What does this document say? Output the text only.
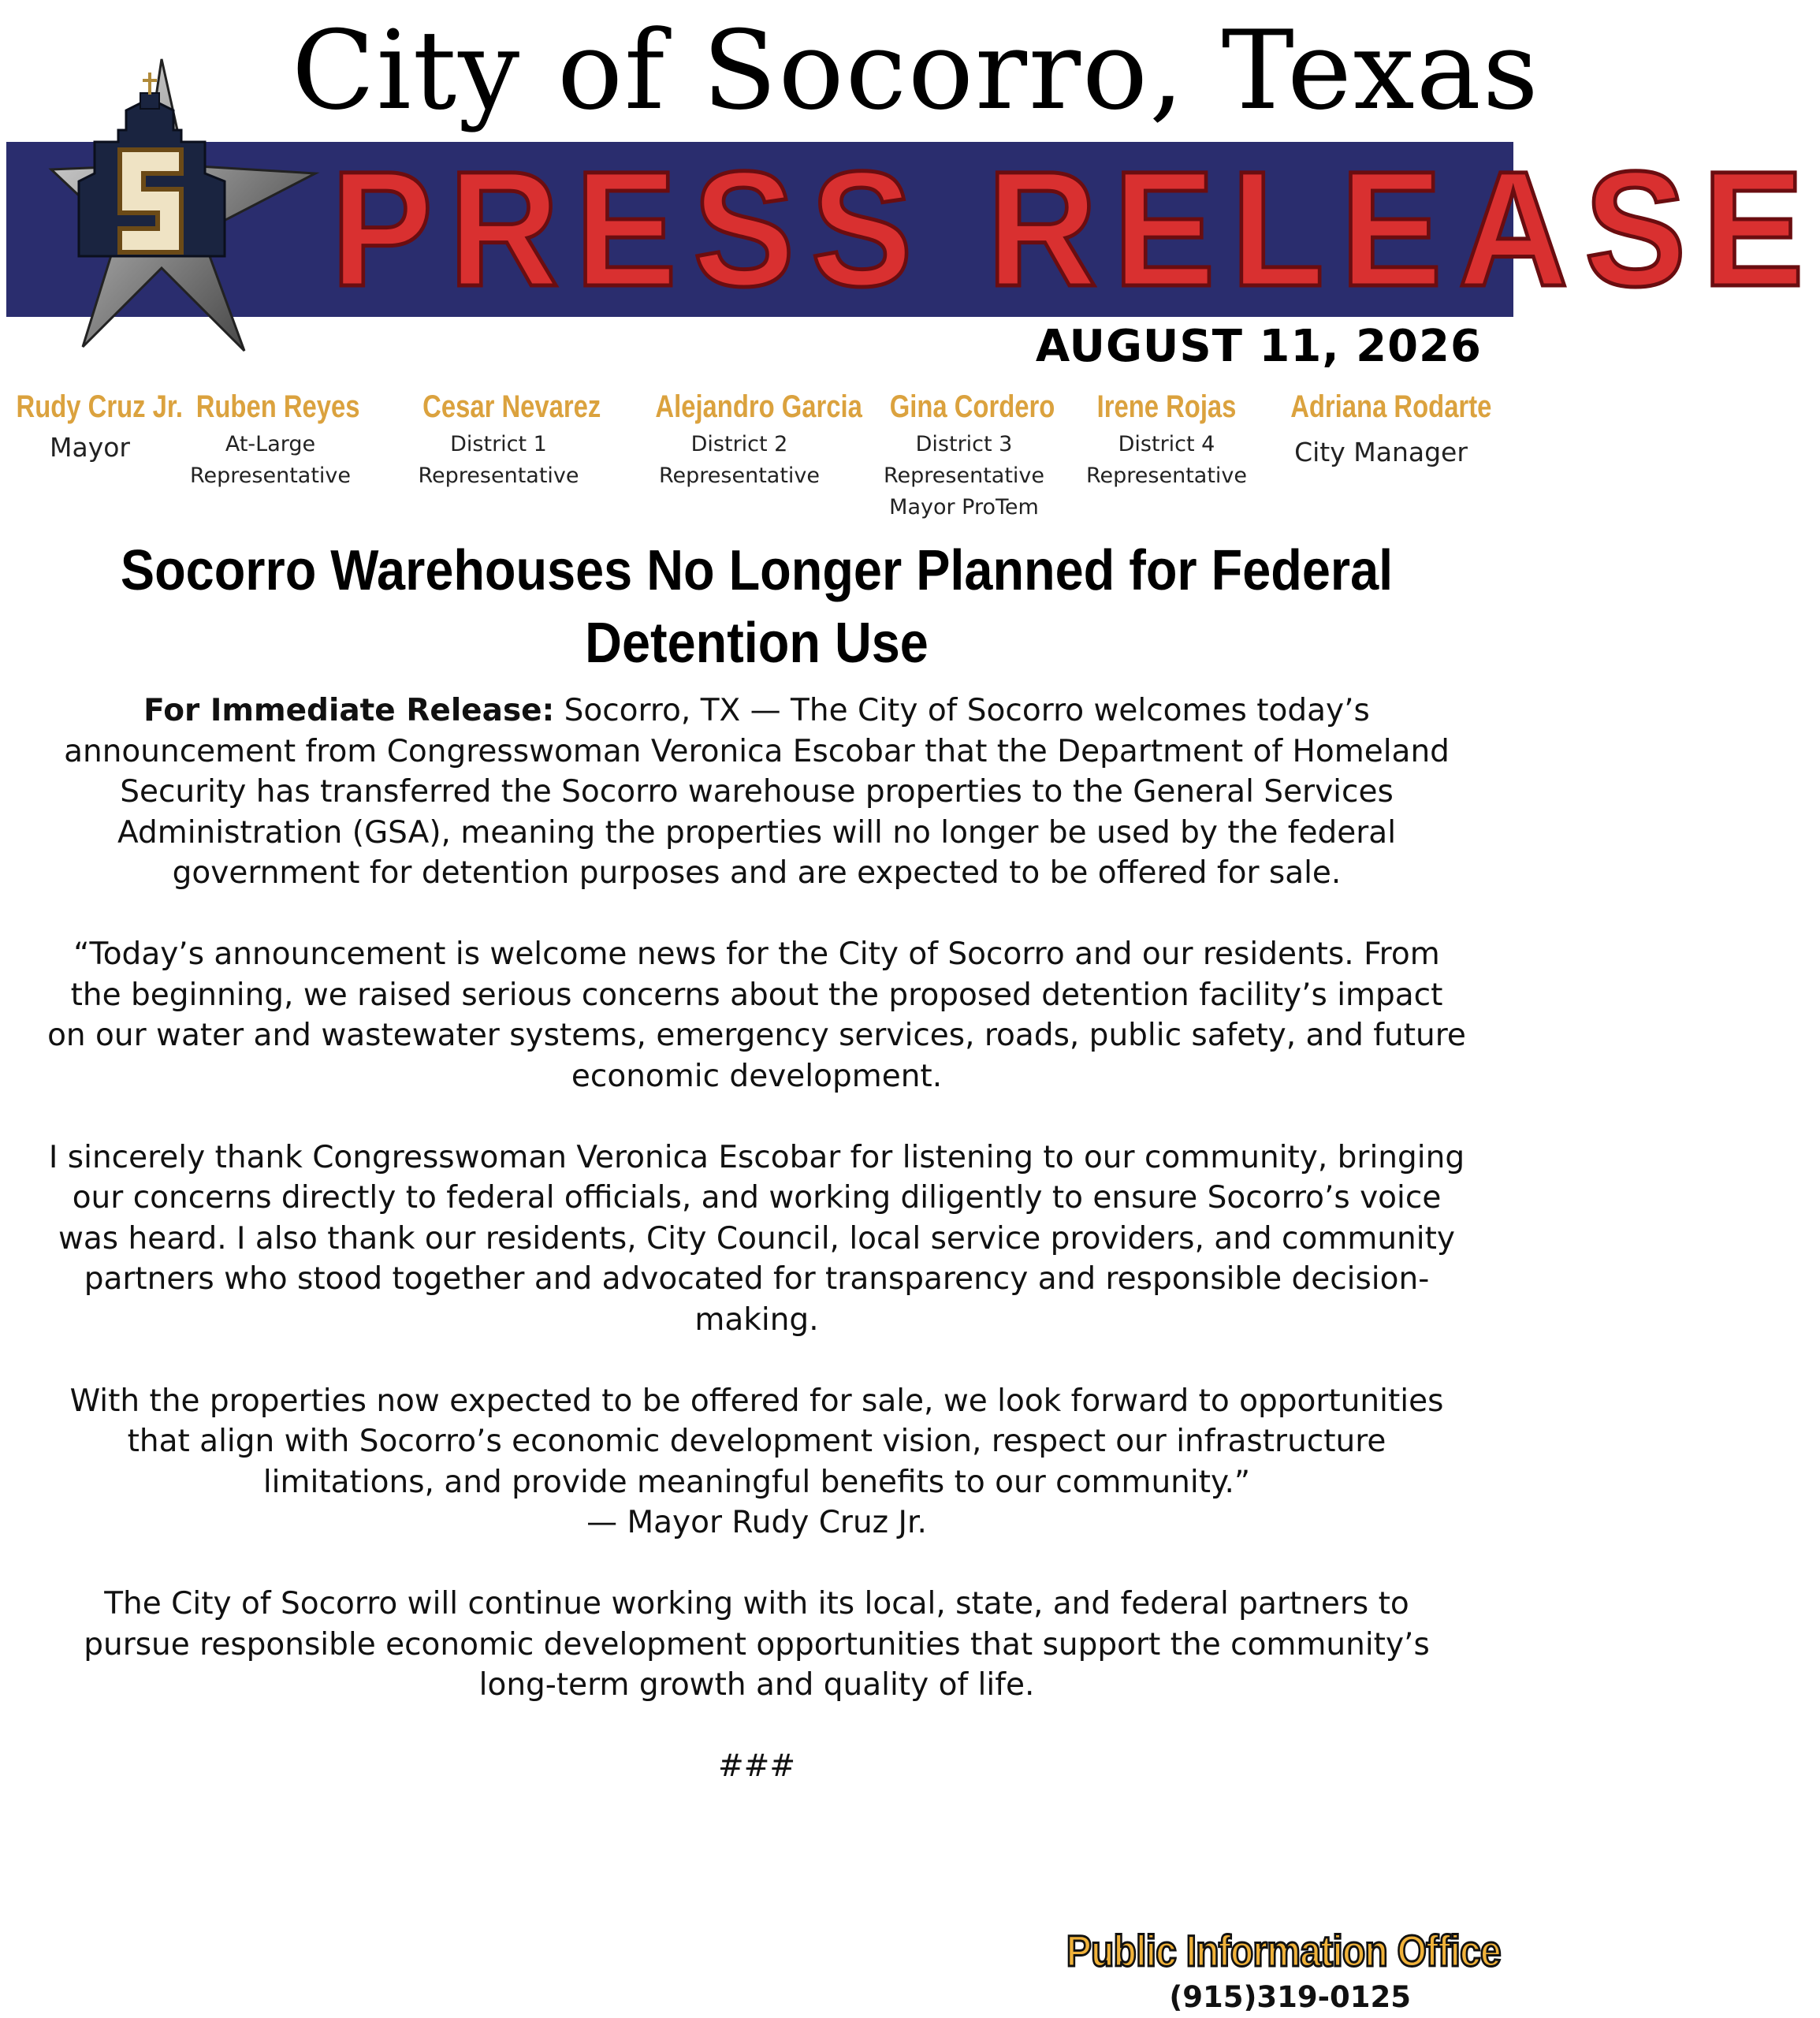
City of Socorro, Texas
PRESS RELEASE
AUGUST 11, 2026
Rudy Cruz Jr.
Mayor
Ruben Reyes
At-Large
Representative
Cesar Nevarez
District 1
Representative
Alejandro Garcia
District 2
Representative
Gina Cordero
District 3
Representative
Mayor ProTem
Irene Rojas
District 4
Representative
Adriana Rodarte
City Manager
Socorro Warehouses No Longer Planned for Federal Detention Use

For Immediate Release: Socorro, TX — The City of Socorro welcomes today’s announcement from Congresswoman Veronica Escobar that the Department of Homeland Security has transferred the Socorro warehouse properties to the General Services Administration (GSA), meaning the properties will no longer be used by the federal government for detention purposes and are expected to be offered for sale.

“Today’s announcement is welcome news for the City of Socorro and our residents. From the beginning, we raised serious concerns about the proposed detention facility’s impact on our water and wastewater systems, emergency services, roads, public safety, and future economic development.

I sincerely thank Congresswoman Veronica Escobar for listening to our community, bringing our concerns directly to federal officials, and working diligently to ensure Socorro’s voice was heard. I also thank our residents, City Council, local service providers, and community partners who stood together and advocated for transparency and responsible decision-making.

With the properties now expected to be offered for sale, we look forward to opportunities that align with Socorro’s economic development vision, respect our infrastructure limitations, and provide meaningful benefits to our community.”

— Mayor Rudy Cruz Jr.

The City of Socorro will continue working with its local, state, and federal partners to pursue responsible economic development opportunities that support the community’s long-term growth and quality of life.

###

Public Information Office
(915)319-0125
